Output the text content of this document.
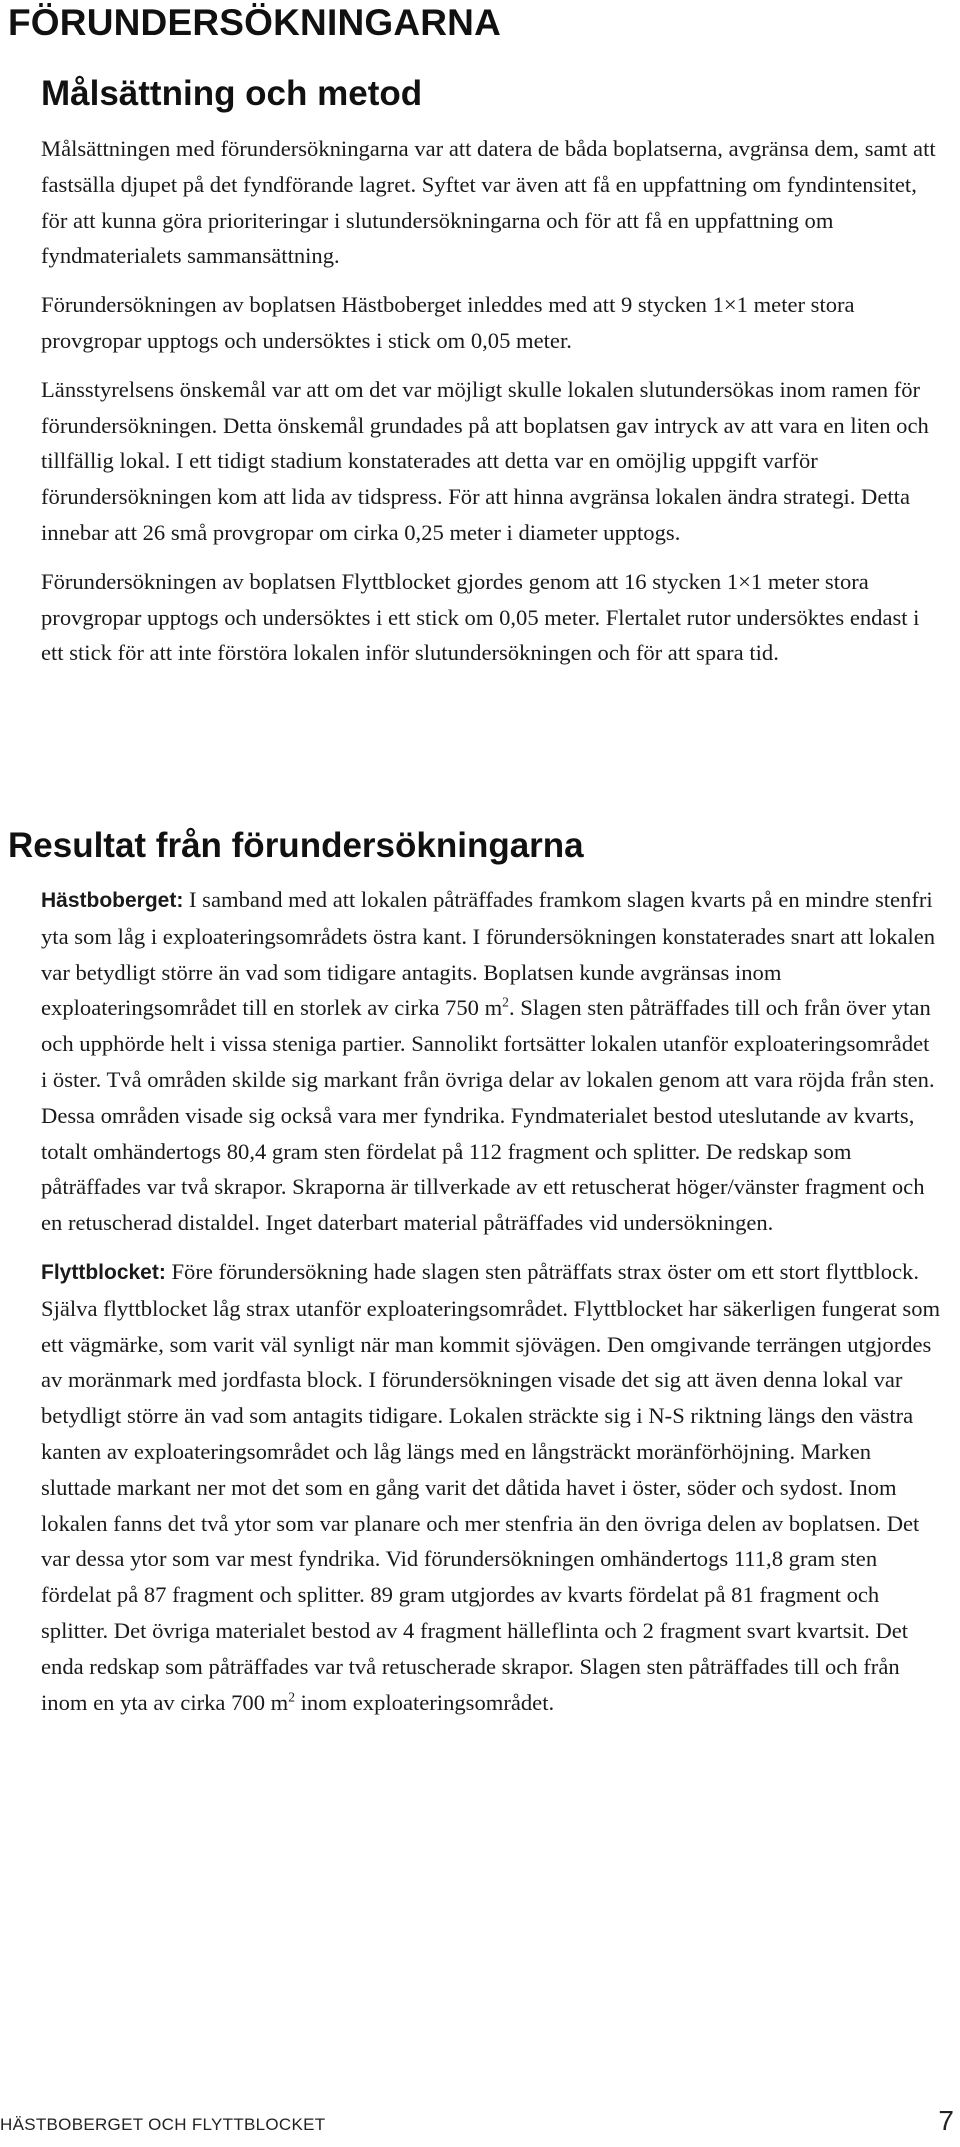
FÖRUNDERSÖKNINGARNA
Målsättning och metod

Målsättningen med förundersökningarna var att datera de båda boplatserna, avgränsa dem, samt att fastsälla djupet på det fyndförande lagret. Syftet var även att få en uppfattning om fyndintensitet, för att kunna göra prioriteringar i slutundersökningarna och för att få en uppfattning om fyndmaterialets sammansättning.

Förundersökningen av boplatsen Hästboberget inleddes med att 9 stycken 1×1 meter stora provgropar upptogs och undersöktes i stick om 0,05 meter.

Länsstyrelsens önskemål var att om det var möjligt skulle lokalen slutundersökas inom ramen för förundersökningen. Detta önskemål grundades på att boplatsen gav intryck av att vara en liten och tillfällig lokal. I ett tidigt stadium konstaterades att detta var en omöjlig uppgift varför förundersökningen kom att lida av tidspress. För att hinna avgränsa lokalen ändra strategi. Detta innebar att 26 små provgropar om cirka 0,25 meter i diameter upptogs.

Förundersökningen av boplatsen Flyttblocket gjordes genom att 16 stycken 1×1 meter stora provgropar upptogs och undersöktes i ett stick om 0,05 meter. Flertalet rutor undersöktes endast i ett stick för att inte förstöra lokalen inför slutundersökningen och för att spara tid.

Resultat från förundersökningarna

Hästboberget: I samband med att lokalen påträffades framkom slagen kvarts på en mindre stenfri yta som låg i exploateringsområdets östra kant. I förundersökningen konstaterades snart att lokalen var betydligt större än vad som tidigare antagits. Boplatsen kunde avgränsas inom exploateringsområdet till en storlek av cirka 750 $m^2$. Slagen sten påträffades till och från över ytan och upphörde helt i vissa steniga partier. Sannolikt fortsätter lokalen utanför exploateringsområdet i öster. Två områden skilde sig markant från övriga delar av lokalen genom att vara röjda från sten. Dessa områden visade sig också vara mer fyndrika. Fyndmaterialet bestod uteslutande av kvarts, totalt omhändertogs 80,4 gram sten fördelat på 112 fragment och splitter. De redskap som påträffades var två skrapor. Skraporna är tillverkade av ett retuscherat höger/vänster fragment och en retuscherad distaldel. Inget daterbart material påträffades vid undersökningen.

Flyttblocket: Före förundersökning hade slagen sten påträffats strax öster om ett stort flyttblock. Själva flyttblocket låg strax utanför exploateringsområdet. Flyttblocket har säkerligen fungerat som ett vägmärke, som varit väl synligt när man kommit sjövägen. Den omgivande terrängen utgjordes av moränmark med jordfasta block. I förundersökningen visade det sig att även denna lokal var betydligt större än vad som antagits tidigare. Lokalen sträckte sig i N-S riktning längs den västra kanten av exploateringsområdet och låg längs med en långsträckt moränförhöjning. Marken sluttade markant ner mot det som en gång varit det dåtida havet i öster, söder och sydost. Inom lokalen fanns det två ytor som var planare och mer stenfria än den övriga delen av boplatsen. Det var dessa ytor som var mest fyndrika. Vid förundersökningen omhändertogs 111,8 gram sten fördelat på 87 fragment och splitter. 89 gram utgjordes av kvarts fördelat på 81 fragment och splitter. Det övriga materialet bestod av 4 fragment hälleflinta och 2 fragment svart kvartsit. Det enda redskap som påträffades var två retuscherade skrapor. Slagen sten påträffades till och från inom en yta av cirka 700 $m^2$ inom exploateringsområdet.

HÄSTBOBERGET OCH FLYTTBLOCKET	7
